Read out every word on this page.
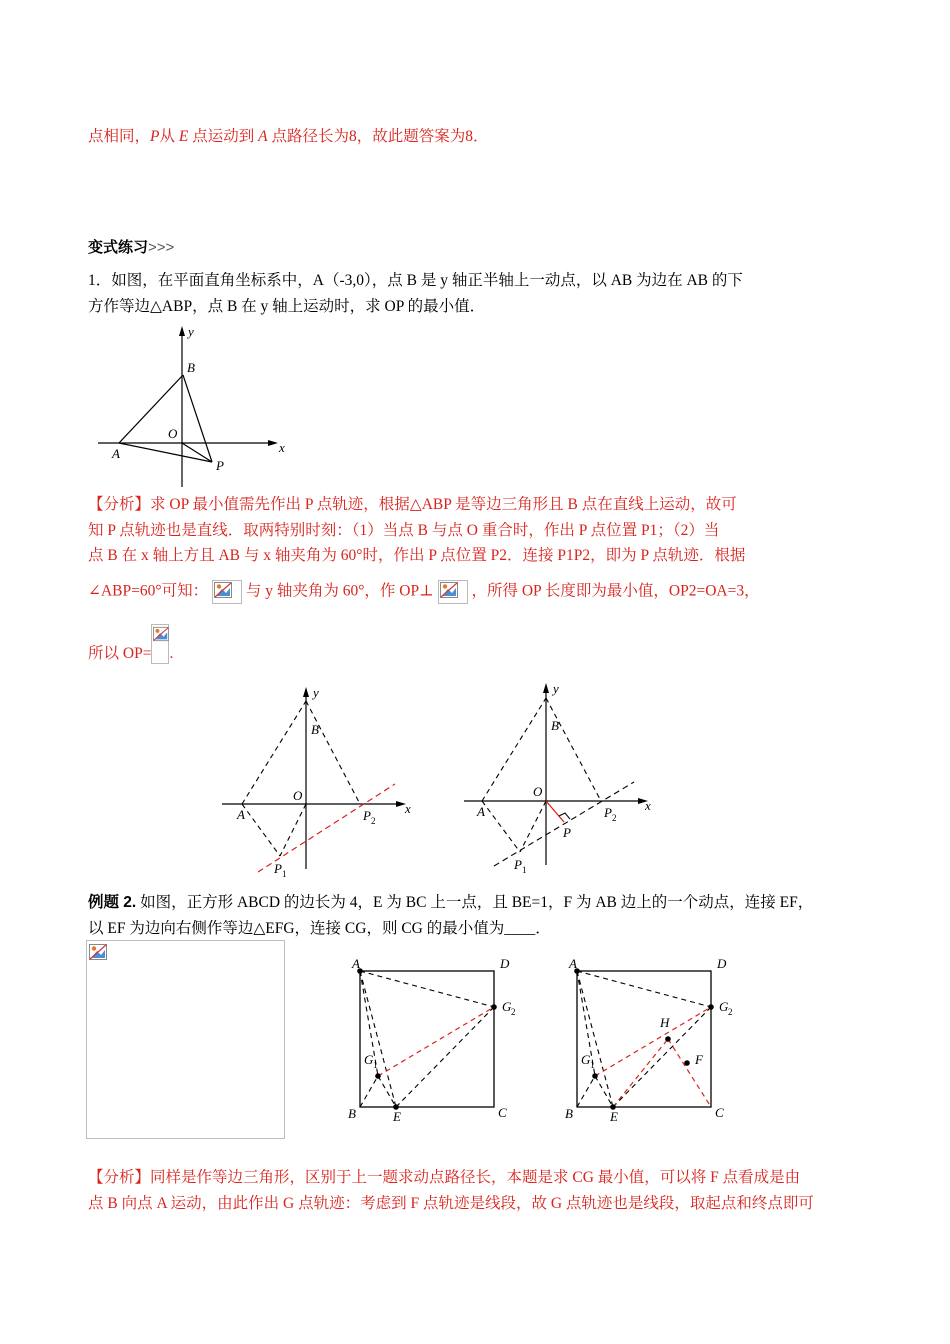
点相同，P从 E 点运动到 A 点路径长为8，故此题答案为8．
变式练习>>>
1．如图，在平面直角坐标系中，A（-3,0），点 B 是 y 轴正半轴上一动点，以 AB 为边在 AB 的下
方作等边△ABP，点 B 在 y 轴上运动时，求 OP 的最小值．
y
B
O
x
A
P
【分析】求 OP 最小值需先作出 P 点轨迹，根据△ABP 是等边三角形且 B 点在直线上运动，故可
知 P 点轨迹也是直线．取两特别时刻：（1）当点 B 与点 O 重合时，作出 P 点位置 P1；（2）当
点 B 在 x 轴上方且 AB 与 x 轴夹角为 60°时，作出 P 点位置 P2．连接 P1P2，即为 P 点轨迹．根据
∠ABP=60°可知： 与 y 轴夹角为 60°，作 OP⊥ ，所得 OP 长度即为最小值，OP2=OA=3，
所以 OP= .
y
B
O
x
A	P 2
P 1
y
B
O
x
A
P
P 2
P 1
例题 2. 如图，正方形 ABCD 的边长为 4，E 为 BC 上一点，且 BE=1，F 为 AB 边上的一个动点，连接 EF，
以 EF 为边向右侧作等边△EFG，连接 CG，则 CG 的最小值为____．
A	D
G 2
G 1
B	E	C
A	D
G 2
H
F
G 1
B	E	C
【分析】同样是作等边三角形，区别于上一题求动点路径长，本题是求 CG 最小值，可以将 F 点看成是由
点 B 向点 A 运动，由此作出 G 点轨迹：考虑到 F 点轨迹是线段，故 G 点轨迹也是线段，取起点和终点即可
